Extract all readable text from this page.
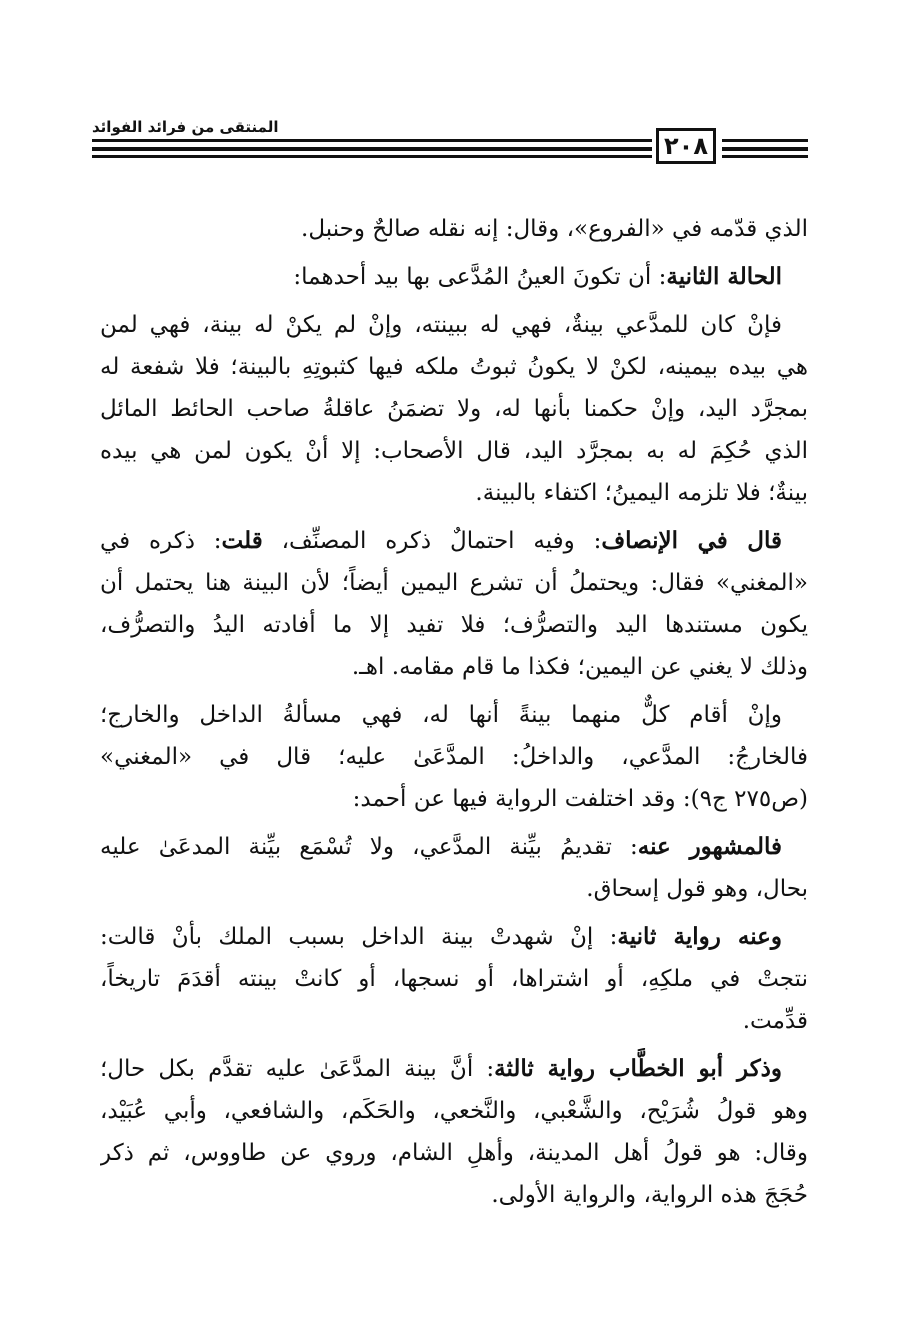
المنتقى من فرائد الفوائد
٢٠٨
الذي قدّمه في «الفروع»، وقال: إنه نقله صالحٌ وحنبل.
الحالة الثانية: أن تكونَ العينُ المُدَّعى بها بيد أحدهما:
فإنْ كان للمدَّعي بينةٌ، فهي له ببينته، وإنْ لم يكنْ له بينة، فهي لمن
هي بيده بيمينه، لكنْ لا يكونُ ثبوتُ ملكه فيها كثبوتِهِ بالبينة؛ فلا شفعة له
بمجرَّد اليد، وإنْ حكمنا بأنها له، ولا تضمَنُ عاقلةُ صاحب الحائط المائل
الذي حُكِمَ له به بمجرَّد اليد، قال الأصحاب: إلا أنْ يكون لمن هي بيده
بينةٌ؛ فلا تلزمه اليمينُ؛ اكتفاء بالبينة.
قال في الإنصاف: وفيه احتمالٌ ذكره المصنِّف، قلت: ذكره في
«المغني» فقال: ويحتملُ أن تشرع اليمين أيضاً؛ لأن البينة هنا يحتمل أن
يكون مستندها اليد والتصرُّف؛ فلا تفيد إلا ما أفادته اليدُ والتصرُّف،
وذلك لا يغني عن اليمين؛ فكذا ما قام مقامه. اهـ.
وإنْ أقام كلٌّ منهما بينةً أنها له، فهي مسألةُ الداخل والخارج؛
فالخارجُ: المدَّعي، والداخلُ: المدَّعَىٰ عليه؛ قال في «المغني»
(ص٢٧٥ ج٩): وقد اختلفت الرواية فيها عن أحمد:
فالمشهور عنه: تقديمُ بيِّنة المدَّعي، ولا تُسْمَع بيِّنة المدعَىٰ عليه
بحال، وهو قول إسحاق.
وعنه رواية ثانية: إنْ شهدتْ بينة الداخل بسبب الملك بأنْ قالت:
نتجتْ في ملكِهِ، أو اشتراها، أو نسجها، أو كانتْ بينته أقدَمَ تاريخاً،
قدِّمت.
وذكر أبو الخطَّاب رواية ثالثة: أنَّ بينة المدَّعَىٰ عليه تقدَّم بكل حال؛
وهو قولُ شُرَيْح، والشَّعْبي، والنَّخعي، والحَكَم، والشافعي، وأبي عُبَيْد،
وقال: هو قولُ أهل المدينة، وأهلِ الشام، وروي عن طاووس، ثم ذكر
حُجَجَ هذه الرواية، والرواية الأولى.
